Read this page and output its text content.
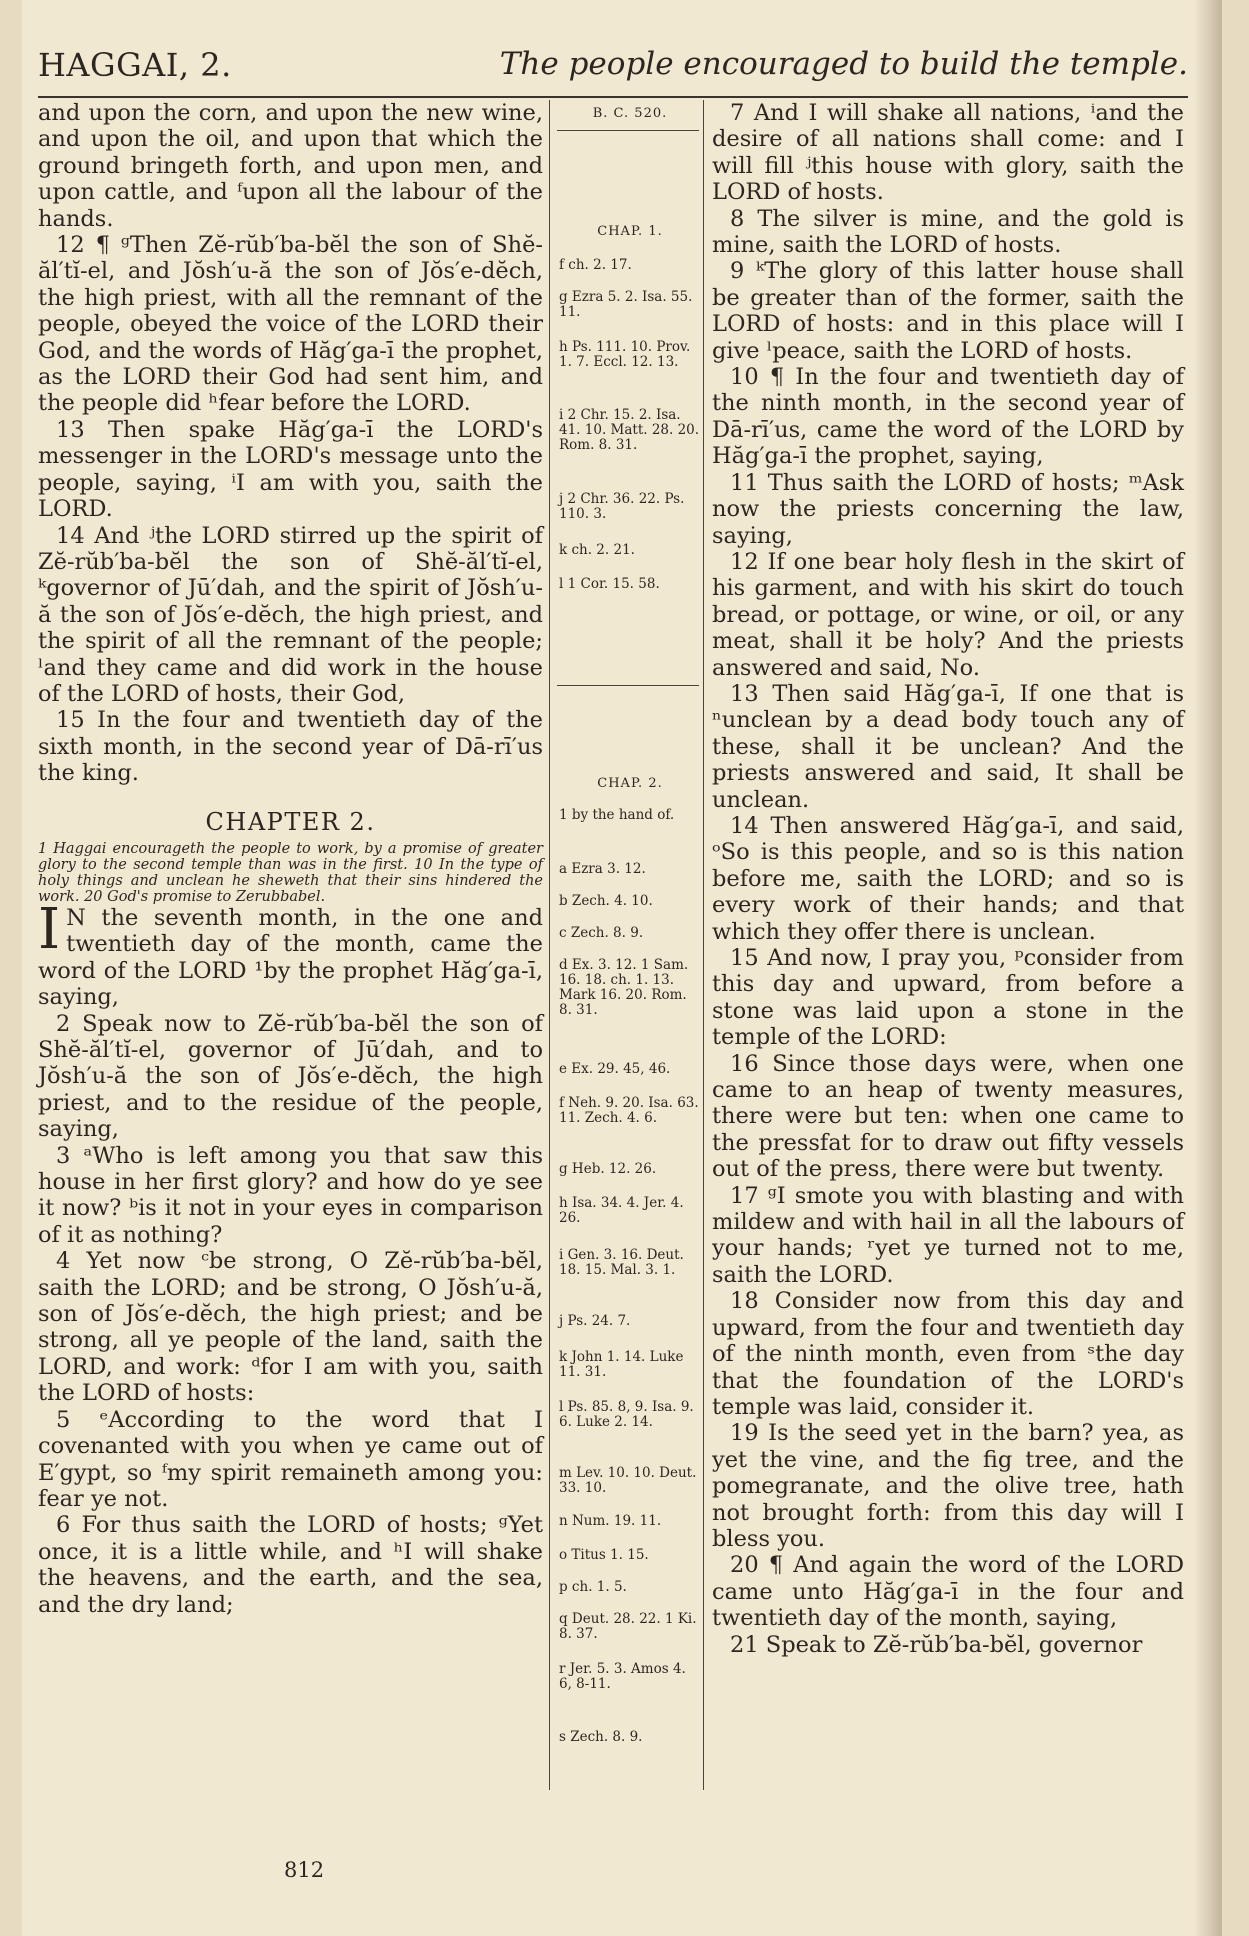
HAGGAI, 2.	The people encouraged to build the temple.

and upon the corn, and upon the new wine, and upon the oil, and upon that which the ground bringeth forth, and upon men, and upon cattle, and ᶠupon all the labour of the hands.

12 ¶ ᵍThen Zĕ-rŭb′ba-bĕl the son of Shĕ-ăl′tĭ-el, and Jŏsh′u-ă the son of Jŏs′e-dĕch, the high priest, with all the remnant of the people, obeyed the voice of the LORD their God, and the words of Hăg′ga-ī the prophet, as the LORD their God had sent him, and the people did ʰfear before the LORD.

13 Then spake Hăg′ga-ī the LORD's messenger in the LORD's message unto the people, saying, ⁱI am with you, saith the LORD.

14 And ʲthe LORD stirred up the spirit of Zĕ-rŭb′ba-bĕl the son of Shĕ-ăl′tĭ-el, ᵏgovernor of Jū′dah, and the spirit of Jŏsh′u-ă the son of Jŏs′e-dĕch, the high priest, and the spirit of all the remnant of the people; ˡand they came and did work in the house of the LORD of hosts, their God,

15 In the four and twentieth day of the sixth month, in the second year of Dā-rī′us the king.

CHAPTER 2.

1 Haggai encourageth the people to work, by a promise of greater glory to the second temple than was in the first. 10 In the type of holy things and unclean he sheweth that their sins hindered the work. 20 God's promise to Zerubbabel.

I N the seventh month, in the one and twentieth day of the month, came the word of the LORD ¹by the prophet Hăg′ga-ī, saying,

2 Speak now to Zĕ-rŭb′ba-bĕl the son of Shĕ-ăl′tĭ-el, governor of Jū′dah, and to Jŏsh′u-ă the son of Jŏs′e-dĕch, the high priest, and to the residue of the people, saying,

3 ᵃWho is left among you that saw this house in her first glory? and how do ye see it now? ᵇis it not in your eyes in comparison of it as nothing?

4 Yet now ᶜbe strong, O Zĕ-rŭb′ba-bĕl, saith the LORD; and be strong, O Jŏsh′u-ă, son of Jŏs′e-dĕch, the high priest; and be strong, all ye people of the land, saith the LORD, and work: ᵈfor I am with you, saith the LORD of hosts:

5 ᵉAccording to the word that I covenanted with you when ye came out of E′gypt, so ᶠmy spirit remaineth among you: fear ye not.

6 For thus saith the LORD of hosts; ᵍYet once, it is a little while, and ʰI will shake the heavens, and the earth, and the sea, and the dry land;

B. C. 520.
CHAP. 1.
f ch. 2. 17.
g Ezra 5. 2. Isa. 55. 11.
h Ps. 111. 10. Prov. 1. 7. Eccl. 12. 13.
i 2 Chr. 15. 2. Isa. 41. 10. Matt. 28. 20. Rom. 8. 31.
j 2 Chr. 36. 22. Ps. 110. 3.
k ch. 2. 21.
l 1 Cor. 15. 58.
CHAP. 2.
1 by the hand of.
a Ezra 3. 12.
b Zech. 4. 10.
c Zech. 8. 9.
d Ex. 3. 12. 1 Sam. 16. 18. ch. 1. 13. Mark 16. 20. Rom. 8. 31.
e Ex. 29. 45, 46.
f Neh. 9. 20. Isa. 63. 11. Zech. 4. 6.
g Heb. 12. 26.
h Isa. 34. 4. Jer. 4. 26.
i Gen. 3. 16. Deut. 18. 15. Mal. 3. 1.
j Ps. 24. 7.
k John 1. 14. Luke 11. 31.
l Ps. 85. 8, 9. Isa. 9. 6. Luke 2. 14.
m Lev. 10. 10. Deut. 33. 10.
n Num. 19. 11.
o Titus 1. 15.
p ch. 1. 5.
q Deut. 28. 22. 1 Ki. 8. 37.
r Jer. 5. 3. Amos 4. 6, 8-11.
s Zech. 8. 9.

7 And I will shake all nations, ⁱand the desire of all nations shall come: and I will fill ʲthis house with glory, saith the LORD of hosts.

8 The silver is mine, and the gold is mine, saith the LORD of hosts.

9 ᵏThe glory of this latter house shall be greater than of the former, saith the LORD of hosts: and in this place will I give ˡpeace, saith the LORD of hosts.

10 ¶ In the four and twentieth day of the ninth month, in the second year of Dā-rī′us, came the word of the LORD by Hăg′ga-ī the prophet, saying,

11 Thus saith the LORD of hosts; ᵐAsk now the priests concerning the law, saying,

12 If one bear holy flesh in the skirt of his garment, and with his skirt do touch bread, or pottage, or wine, or oil, or any meat, shall it be holy? And the priests answered and said, No.

13 Then said Hăg′ga-ī, If one that is ⁿunclean by a dead body touch any of these, shall it be unclean? And the priests answered and said, It shall be unclean.

14 Then answered Hăg′ga-ī, and said, ᵒSo is this people, and so is this nation before me, saith the LORD; and so is every work of their hands; and that which they offer there is unclean.

15 And now, I pray you, ᵖconsider from this day and upward, from before a stone was laid upon a stone in the temple of the LORD:

16 Since those days were, when one came to an heap of twenty measures, there were but ten: when one came to the pressfat for to draw out fifty vessels out of the press, there were but twenty.

17 ᵍI smote you with blasting and with mildew and with hail in all the labours of your hands; ʳyet ye turned not to me, saith the LORD.

18 Consider now from this day and upward, from the four and twentieth day of the ninth month, even from ˢthe day that the foundation of the LORD's temple was laid, consider it.

19 Is the seed yet in the barn? yea, as yet the vine, and the fig tree, and the pomegranate, and the olive tree, hath not brought forth: from this day will I bless you.

20 ¶ And again the word of the LORD came unto Hăg′ga-ī in the four and twentieth day of the month, saying,

21 Speak to Zĕ-rŭb′ba-bĕl, governor

812
